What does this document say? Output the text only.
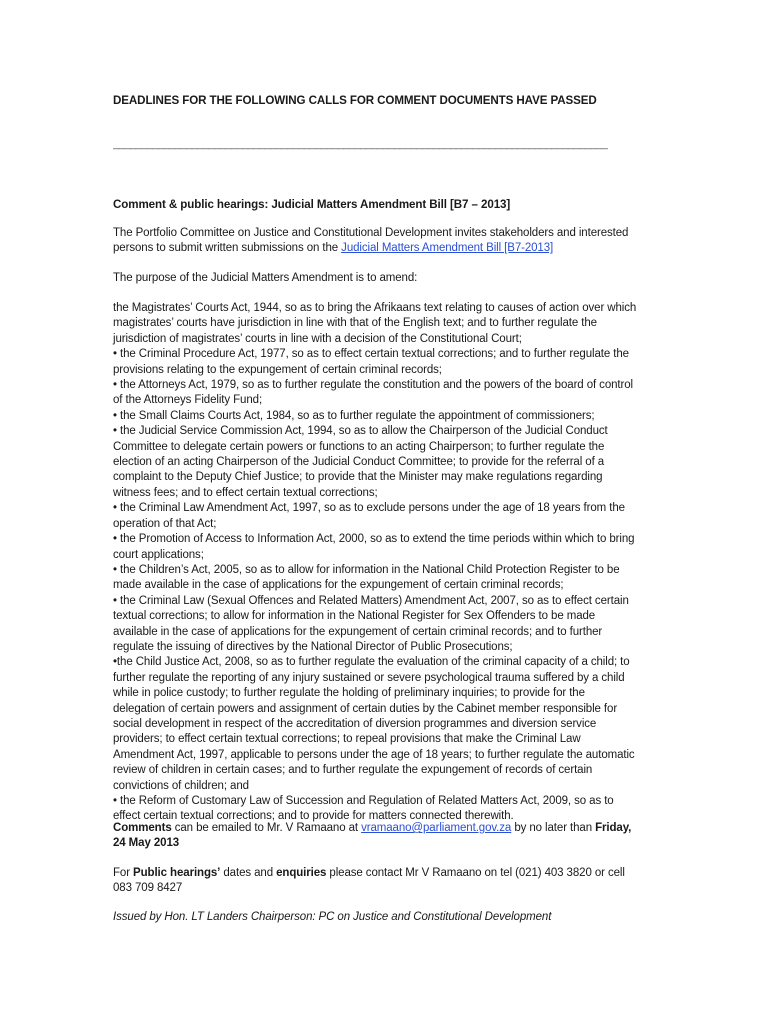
DEADLINES FOR THE FOLLOWING CALLS FOR COMMENT DOCUMENTS HAVE PASSED
________________________________________________________________________________________
Comment & public hearings: Judicial Matters Amendment Bill [B7 – 2013]
The Portfolio Committee on Justice and Constitutional Development invites stakeholders and interested
persons to submit written submissions on the Judicial Matters Amendment Bill [B7-2013]
The purpose of the Judicial Matters Amendment is to amend:
the Magistrates’ Courts Act, 1944, so as to bring the Afrikaans text relating to causes of action over which
magistrates’ courts have jurisdiction in line with that of the English text; and to further regulate the
jurisdiction of magistrates’ courts in line with a decision of the Constitutional Court;
• the Criminal Procedure Act, 1977, so as to effect certain textual corrections; and to further regulate the
provisions relating to the expungement of certain criminal records;
• the Attorneys Act, 1979, so as to further regulate the constitution and the powers of the board of control
of the Attorneys Fidelity Fund;
• the Small Claims Courts Act, 1984, so as to further regulate the appointment of commissioners;
• the Judicial Service Commission Act, 1994, so as to allow the Chairperson of the Judicial Conduct
Committee to delegate certain powers or functions to an acting Chairperson; to further regulate the
election of an acting Chairperson of the Judicial Conduct Committee; to provide for the referral of a
complaint to the Deputy Chief Justice; to provide that the Minister may make regulations regarding
witness fees; and to effect certain textual corrections;
• the Criminal Law Amendment Act, 1997, so as to exclude persons under the age of 18 years from the
operation of that Act;
• the Promotion of Access to Information Act, 2000, so as to extend the time periods within which to bring
court applications;
• the Children’s Act, 2005, so as to allow for information in the National Child Protection Register to be
made available in the case of applications for the expungement of certain criminal records;
• the Criminal Law (Sexual Offences and Related Matters) Amendment Act, 2007, so as to effect certain
textual corrections; to allow for information in the National Register for Sex Offenders to be made
available in the case of applications for the expungement of certain criminal records; and to further
regulate the issuing of directives by the National Director of Public Prosecutions;
•the Child Justice Act, 2008, so as to further regulate the evaluation of the criminal capacity of a child; to
further regulate the reporting of any injury sustained or severe psychological trauma suffered by a child
while in police custody; to further regulate the holding of preliminary inquiries; to provide for the
delegation of certain powers and assignment of certain duties by the Cabinet member responsible for
social development in respect of the accreditation of diversion programmes and diversion service
providers; to effect certain textual corrections; to repeal provisions that make the Criminal Law
Amendment Act, 1997, applicable to persons under the age of 18 years; to further regulate the automatic
review of children in certain cases; and to further regulate the expungement of records of certain
convictions of children; and
• the Reform of Customary Law of Succession and Regulation of Related Matters Act, 2009, so as to
effect certain textual corrections; and to provide for matters connected therewith.
Comments can be emailed to Mr. V Ramaano at vramaano@parliament.gov.za by no later than Friday,
24 May 2013
For Public hearings’ dates and enquiries please contact Mr V Ramaano on tel (021) 403 3820 or cell
083 709 8427
Issued by Hon. LT Landers Chairperson: PC on Justice and Constitutional Development
